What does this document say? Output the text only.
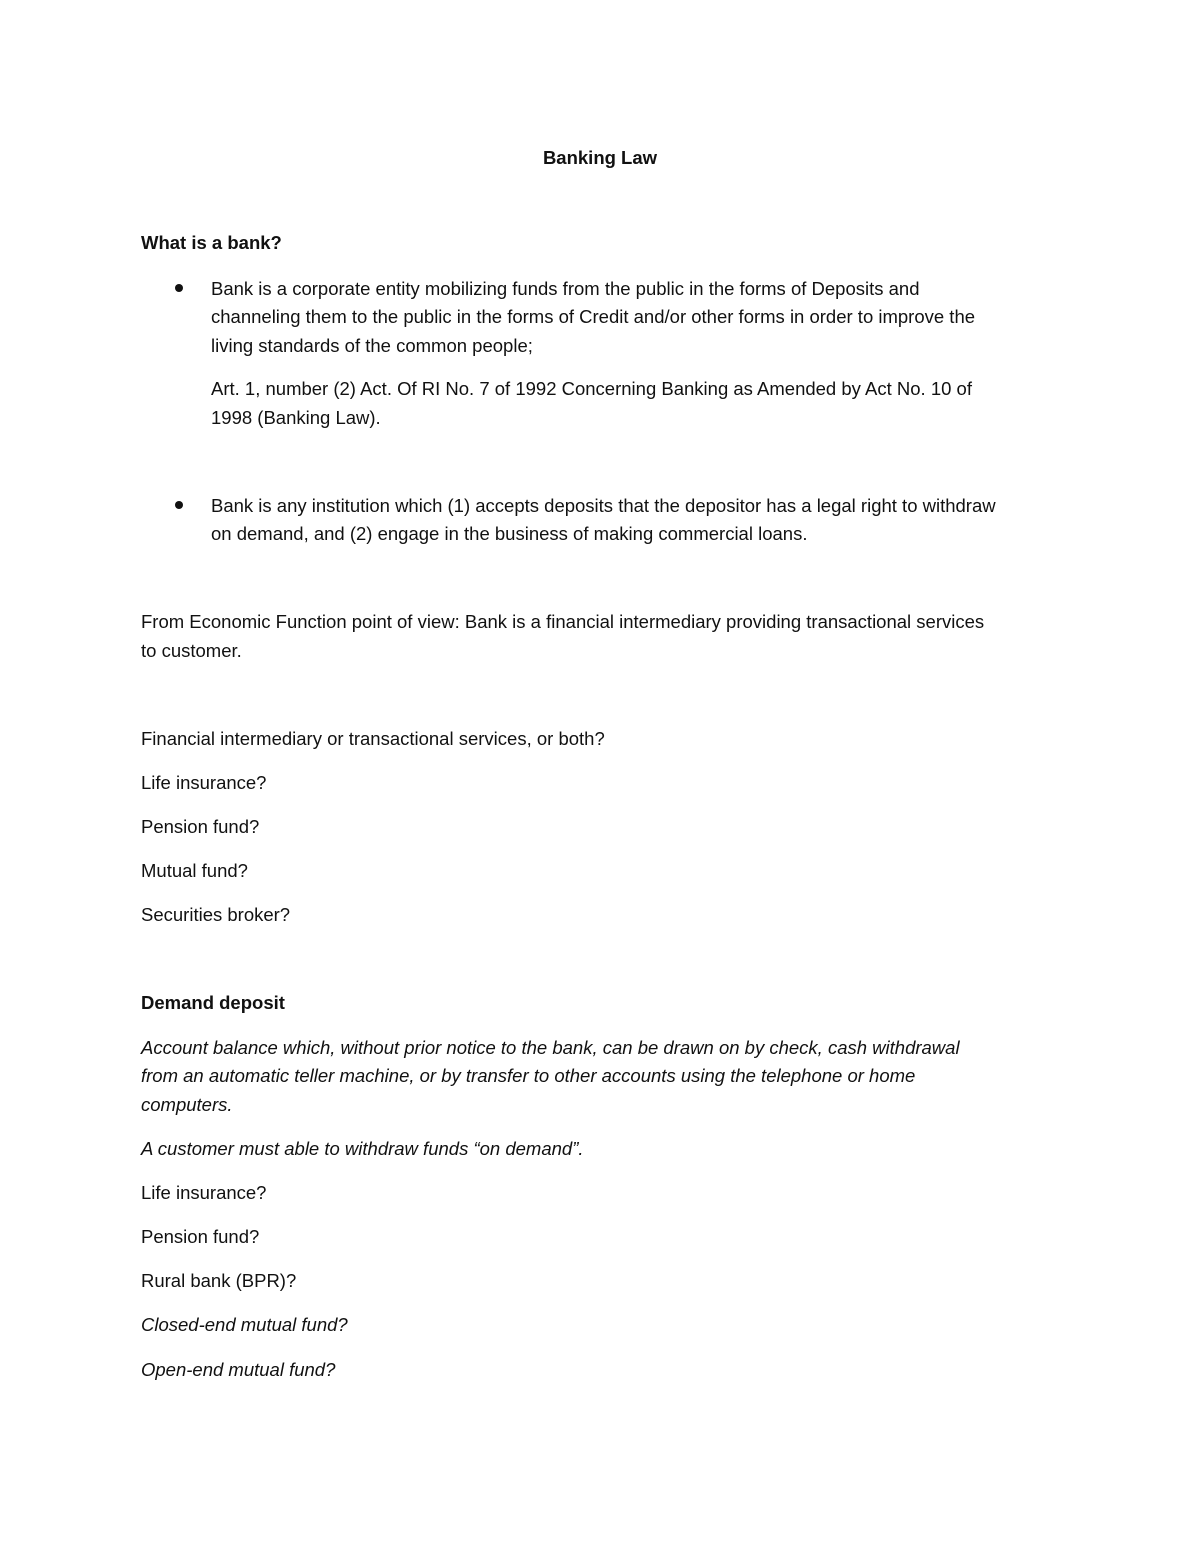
Banking Law

What is a bank?

Bank is a corporate entity mobilizing funds from the public in the forms of Deposits and

channeling them to the public in the forms of Credit and/or other forms in order to improve the

living standards of the common people;

Art. 1, number (2) Act. Of RI No. 7 of 1992 Concerning Banking as Amended by Act No. 10 of

1998 (Banking Law).

Bank is any institution which (1) accepts deposits that the depositor has a legal right to withdraw

on demand, and (2) engage in the business of making commercial loans.

From Economic Function point of view: Bank is a financial intermediary providing transactional services

to customer.

Financial intermediary or transactional services, or both?

Life insurance?

Pension fund?

Mutual fund?

Securities broker?

Demand deposit

Account balance which, without prior notice to the bank, can be drawn on by check, cash withdrawal

from an automatic teller machine, or by transfer to other accounts using the telephone or home

computers.

A customer must able to withdraw funds “on demand”.

Life insurance?

Pension fund?

Rural bank (BPR)?

Closed-end mutual fund?

Open-end mutual fund?
